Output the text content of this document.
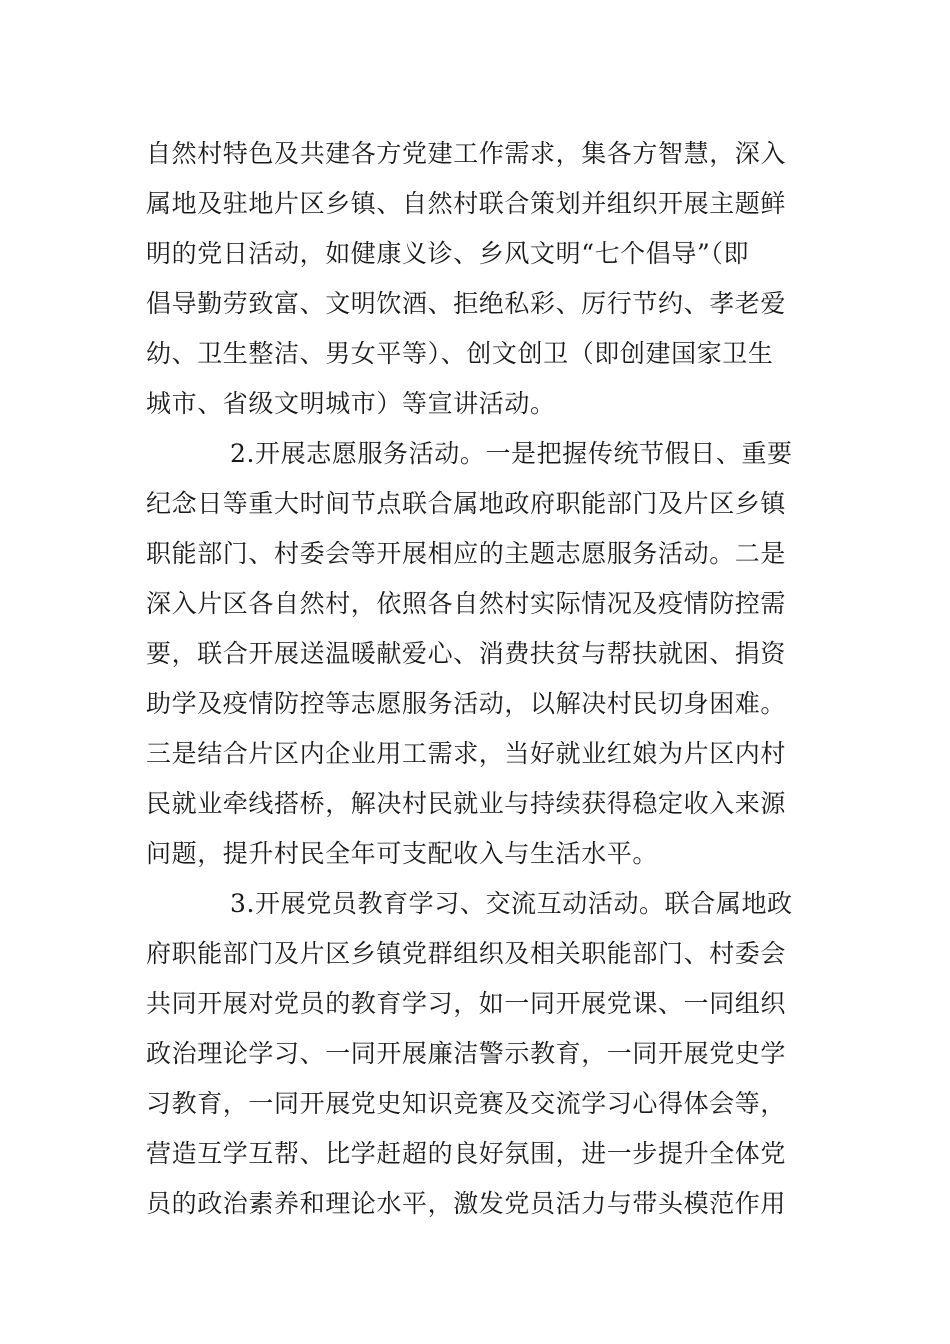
自然村特色及共建各方党建工作需求，集各方智慧，深入

属地及驻地片区乡镇、自然村联合策划并组织开展主题鲜

明的党日活动，如健康义诊、乡风文明“七个倡导”（即

倡导勤劳致富、文明饮酒、拒绝私彩、厉行节约、孝老爱

幼、卫生整洁、男女平等）、创文创卫（即创建国家卫生

城市、省级文明城市）等宣讲活动。

2.开展志愿服务活动。一是把握传统节假日、重要

纪念日等重大时间节点联合属地政府职能部门及片区乡镇

职能部门、村委会等开展相应的主题志愿服务活动。二是

深入片区各自然村，依照各自然村实际情况及疫情防控需

要，联合开展送温暖献爱心、消费扶贫与帮扶就困、捐资

助学及疫情防控等志愿服务活动，以解决村民切身困难。

三是结合片区内企业用工需求，当好就业红娘为片区内村

民就业牵线搭桥，解决村民就业与持续获得稳定收入来源

问题，提升村民全年可支配收入与生活水平。

3.开展党员教育学习、交流互动活动。联合属地政

府职能部门及片区乡镇党群组织及相关职能部门、村委会

共同开展对党员的教育学习，如一同开展党课、一同组织

政治理论学习、一同开展廉洁警示教育，一同开展党史学

习教育，一同开展党史知识竞赛及交流学习心得体会等，

营造互学互帮、比学赶超的良好氛围，进一步提升全体党

员的政治素养和理论水平，激发党员活力与带头模范作用
